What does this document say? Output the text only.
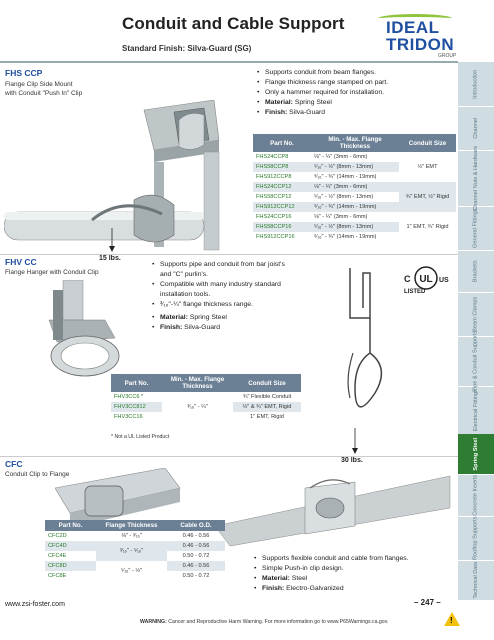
Conduit and Cable Support
Standard Finish: Silva-Guard (SG)
IDEAL
TRIDON
GROUP
FHS CCP
Flange Clip Side Mount
with Conduit "Push In" Clip
• Supports conduit from beam flanges.
• Flange thickness range stamped on part.
• Only a hammer required for installation.
• Material: Spring Steel
• Finish: Silva-Guard
15 lbs.
Part No.	Min. - Max. Flange Thickness	Conduit Size
FHS24CCP8	⅛" - ¼" (3mm - 6mm)	½" EMT
FHS58CCP8	⁵⁄₁₆" - ½" (8mm - 13mm)	
FHS912CCP8	⁹⁄₁₆" - ¾" (14mm - 19mm)	
FHS24CCP12	⅛" - ¼" (3mm - 6mm)	¾" EMT, ½" Rigid
FHS58CCP12	⁵⁄₁₆" - ½" (8mm - 13mm)	
FHS912CCP12	⁹⁄₁₆" - ¾" (14mm - 19mm)	
FHS24CCP16	⅛" - ¼" (3mm - 6mm)	1" EMT, ¾" Rigid
FHS58CCP16	⁵⁄₁₆" - ½" (8mm - 13mm)	
FHS912CCP16	⁹⁄₁₆" - ¾" (14mm - 19mm)	
FHV CC
Flange Hanger with Conduit Clip
• Supports pipe and conduit from bar joist's and "C" purlin's.
• Compatible with many industry standard installation tools.
• ³⁄₁₆"-¼" flange thickness range.
• Material: Spring Steel
• Finish: Silva-Guard
30 lbs.
UL
C	US
LISTED
Part No.	Min. - Max. Flange Thickness	Conduit Size
FHV3CC6 *	³⁄₁₆" - ¼"	¾" Flexible Conduit
FHV3CC812		½" & ¾" EMT, Rigid
FHV3CC16		1" EMT, Rigid
* Not a UL Listed Product
CFC
Conduit Clip to Flange
Part No.	Flange Thickness	Cable O.D.
CFC2D	⅛" - ³⁄₁₆"	0.46 - 0.56
CFC4D	³⁄₁₆" - ⁵⁄₁₆"	0.46 - 0.56
CFC4E		0.50 - 0.72
CFC8D	⁵⁄₁₆" - ½"	0.46 - 0.56
CFC8E		0.50 - 0.72
• Supports flexible conduit and cable from flanges.
• Simple Push-in clip design.
• Material: Steel
• Finish: Electro-Galvanized
Introduction
Channel
Channel Nuts & Hardware
General Fittings
Brackets
Beam Clamps
Pipe & Conduit Supports
Electrical Fittings
Spring Steel
Concrete Inserts
Rooftop Supports
Technical Data
www.zsi-foster.com	– 247 –
WARNING: Cancer and Reproductive Harm Warning. For more information go to www.P65Warnings.ca.gov.	!
